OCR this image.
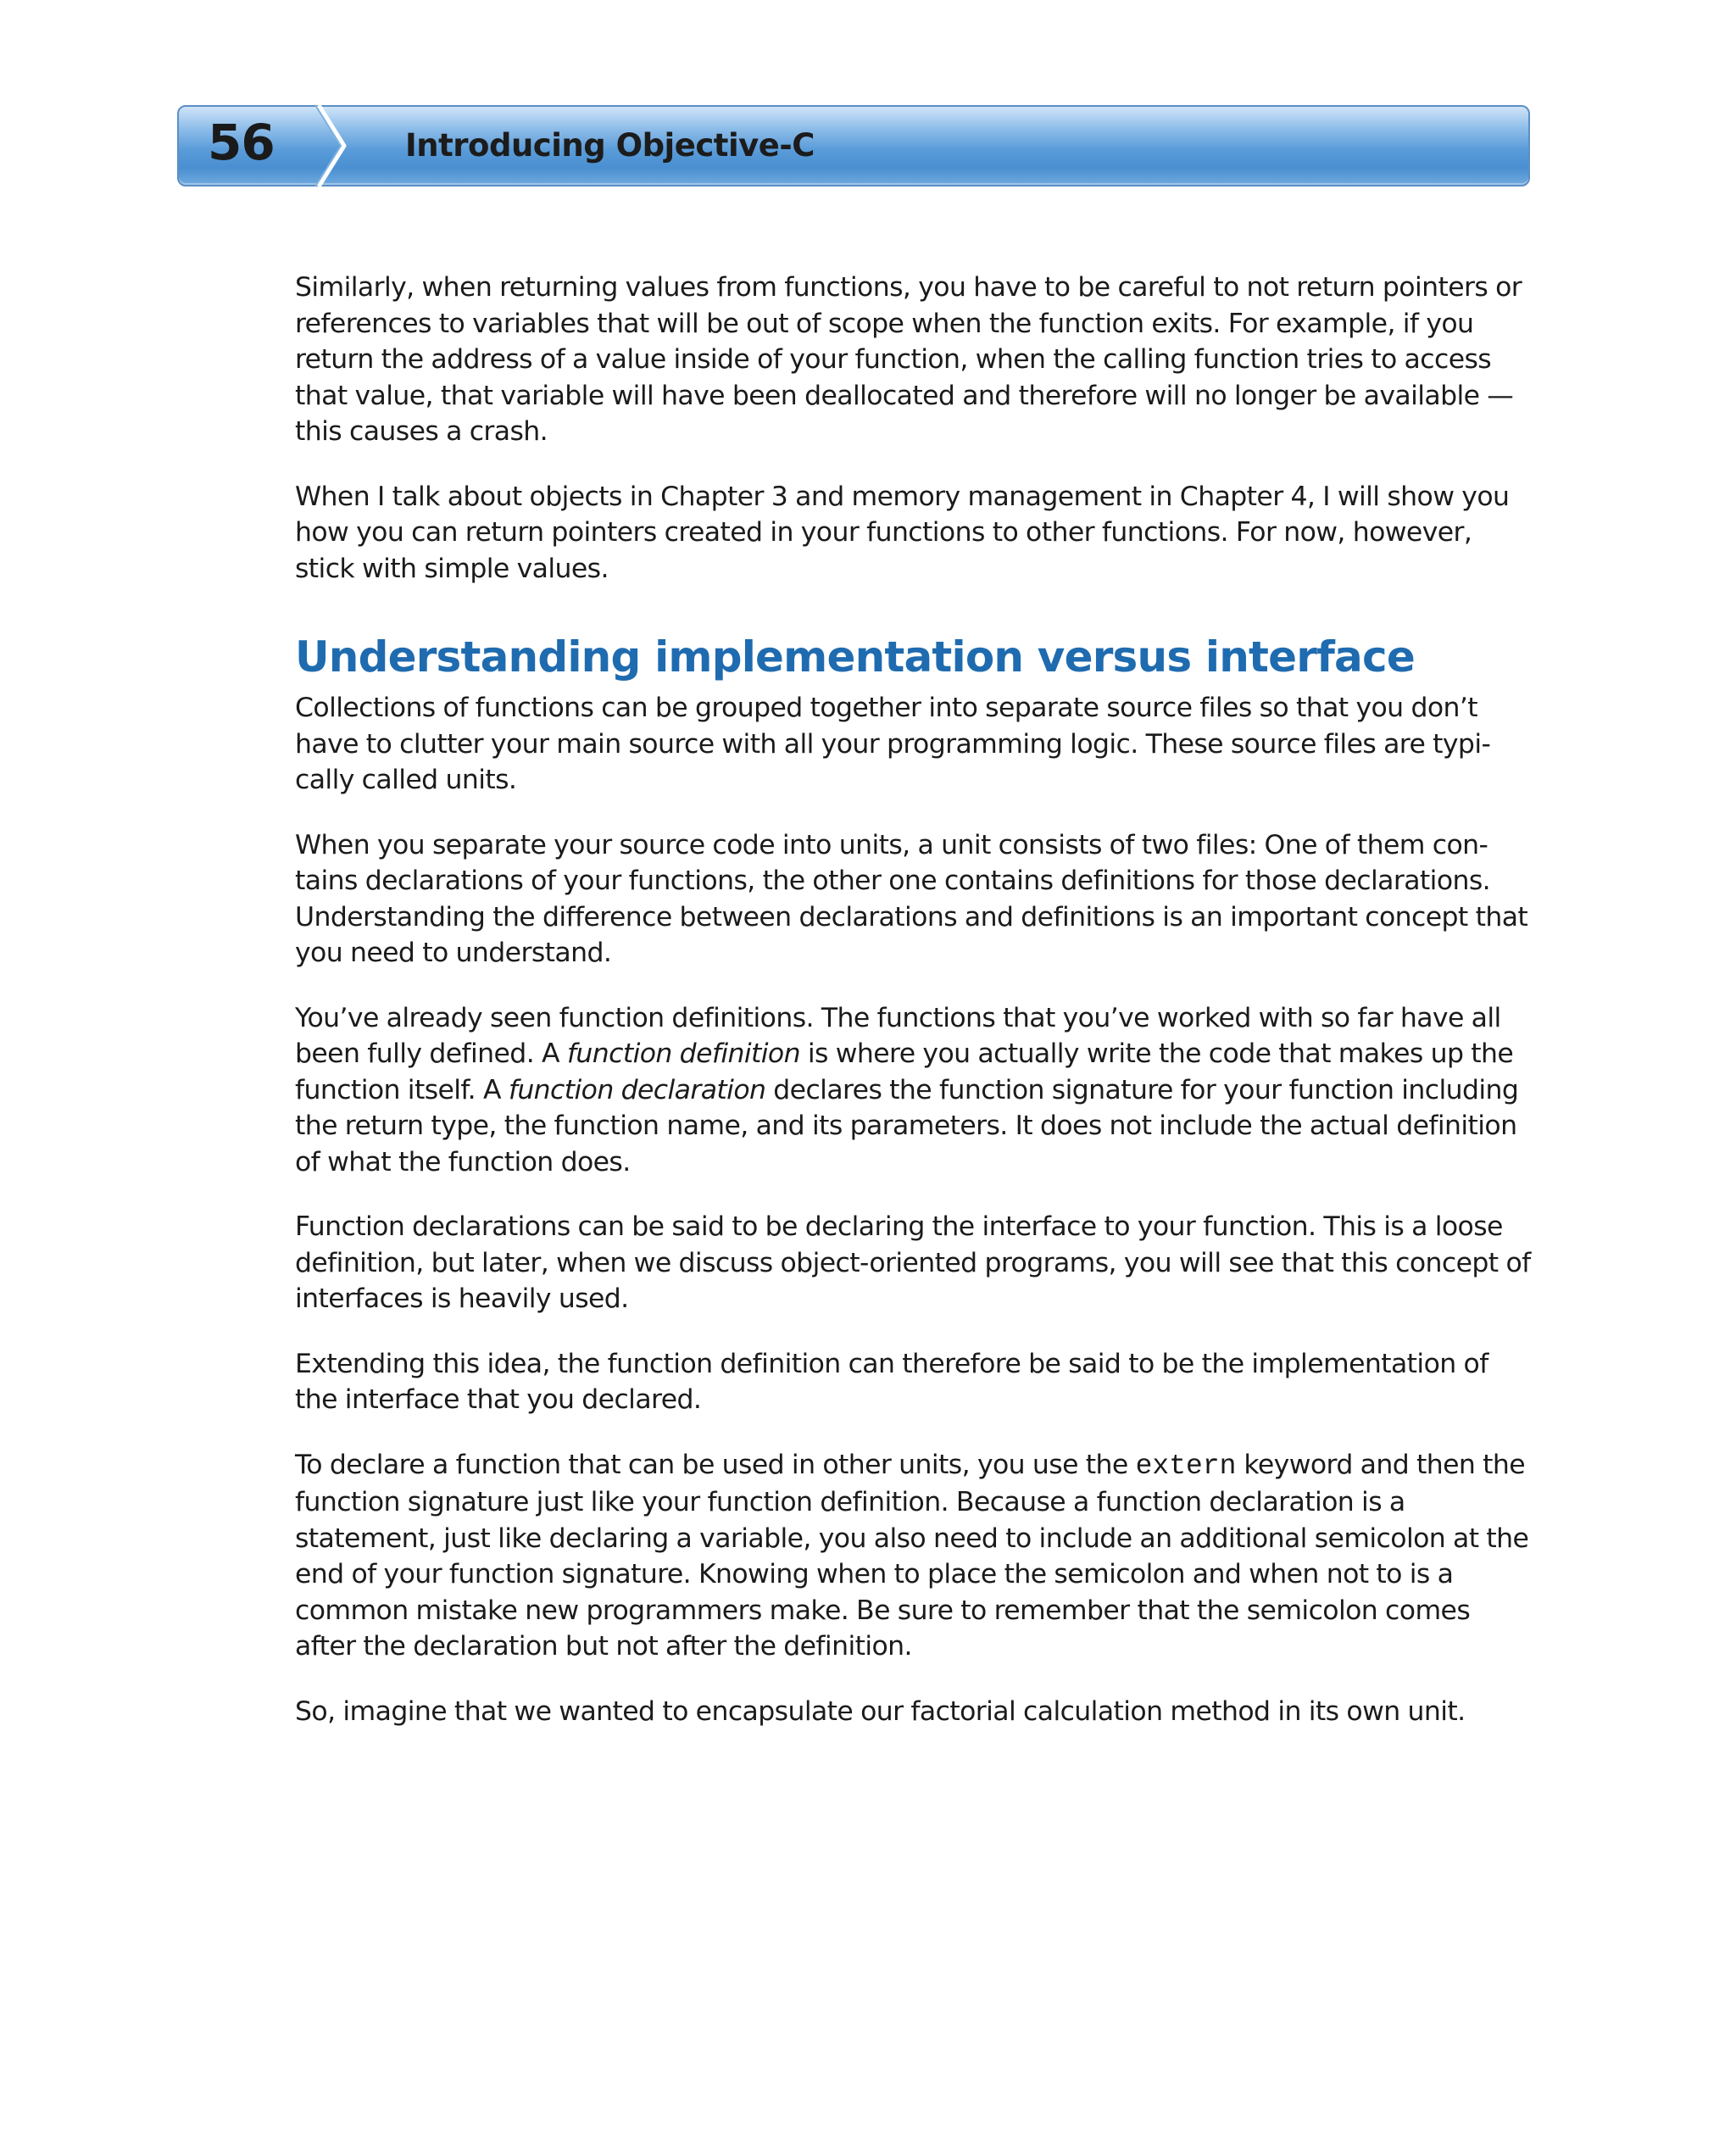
56	Introducing Objective-C

Similarly, when returning values from functions, you have to be careful to not return pointers or references to variables that will be out of scope when the function exits. For example, if you return the address of a value inside of your function, when the calling function tries to access that value, that variable will have been deallocated and therefore will no longer be available — this causes a crash.

When I talk about objects in Chapter 3 and memory management in Chapter 4, I will show you how you can return pointers created in your functions to other functions. For now, however, stick with simple values.

Understanding implementation versus interface

Collections of functions can be grouped together into separate source files so that you don’t have to clutter your main source with all your programming logic. These source files are typically called units.

When you separate your source code into units, a unit consists of two files: One of them contains declarations of your functions, the other one contains definitions for those declarations. Understanding the difference between declarations and definitions is an important concept that you need to understand.

You’ve already seen function definitions. The functions that you’ve worked with so far have all been fully defined. A function definition is where you actually write the code that makes up the function itself. A function declaration declares the function signature for your function including the return type, the function name, and its parameters. It does not include the actual definition of what the function does.

Function declarations can be said to be declaring the interface to your function. This is a loose definition, but later, when we discuss object-oriented programs, you will see that this concept of interfaces is heavily used.

Extending this idea, the function definition can therefore be said to be the implementation of the interface that you declared.

To declare a function that can be used in other units, you use the extern keyword and then the function signature just like your function definition. Because a function declaration is a statement, just like declaring a variable, you also need to include an additional semicolon at the end of your function signature. Knowing when to place the semicolon and when not to is a common mistake new programmers make. Be sure to remember that the semicolon comes after the declaration but not after the definition.

So, imagine that we wanted to encapsulate our factorial calculation method in its own unit.
